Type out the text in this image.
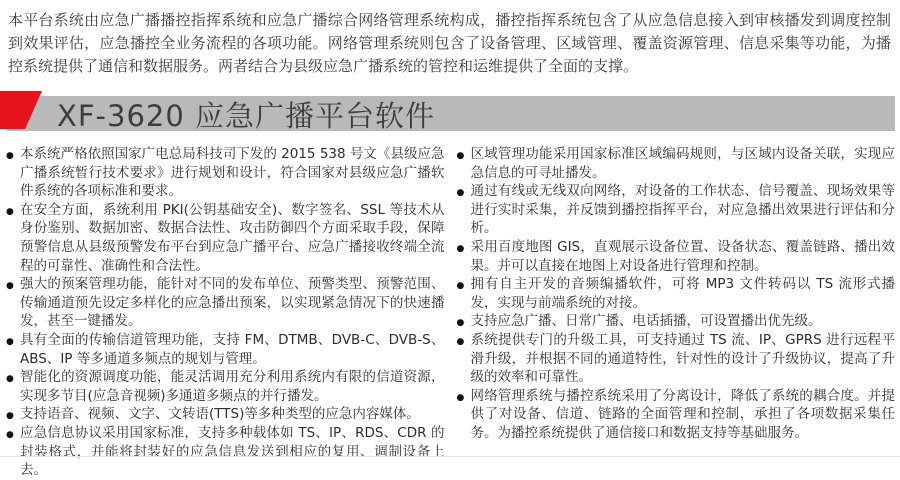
本平台系统由应急广播播控指挥系统和应急广播综合网络管理系统构成，播控指挥系统包含了从应急信息接入到审核播发到调度控制到效果评估，应急播控全业务流程的各项功能。网络管理系统则包含了设备管理、区域管理、覆盖资源管理、信息采集等功能，为播控系统提供了通信和数据服务。两者结合为县级应急广播系统的管控和运维提供了全面的支撑。

XF-3620 应急广播平台软件
● 本系统严格依照国家广电总局科技司下发的 2015 538 号文《县级应急广播系统暂行技术要求》进行规划和设计，符合国家对县级应急广播软件系统的各项标准和要求。
● 在安全方面，系统利用 PKI(公钥基础安全)、数字签名、SSL 等技术从身份鉴别、数据加密、数据合法性、攻击防御四个方面采取手段，保障预警信息从县级预警发布平台到应急广播平台、应急广播接收终端全流程的可靠性、准确性和合法性。
● 强大的预案管理功能，能针对不同的发布单位、预警类型、预警范围、传输通道预先设定多样化的应急播出预案，以实现紧急情况下的快速播发，甚至一键播发。
● 具有全面的传输信道管理功能，支持 FM、DTMB、DVB-C、DVB-S、ABS、IP 等多通道多频点的规划与管理。
● 智能化的资源调度功能，能灵活调用充分利用系统内有限的信道资源，实现多节目(应急音视频)多通道多频点的并行播发。
● 支持语音、视频、文字、文转语(TTS)等多种类型的应急内容媒体。
● 应急信息协议采用国家标准，支持多种载体如 TS、IP、RDS、CDR 的封装格式，并能将封装好的应急信息发送到相应的复用、调制设备上去。
● 区域管理功能采用国家标准区域编码规则，与区域内设备关联，实现应急信息的可寻址播发。
● 通过有线或无线双向网络，对设备的工作状态、信号覆盖、现场效果等进行实时采集，并反馈到播控指挥平台，对应急播出效果进行评估和分析。
● 采用百度地图 GIS，直观展示设备位置、设备状态、覆盖链路、播出效果。并可以直接在地图上对设备进行管理和控制。
● 拥有自主开发的音频编播软件，可将 MP3 文件转码以 TS 流形式播发，实现与前端系统的对接。
● 支持应急广播、日常广播、电话插播，可设置播出优先级。
● 系统提供专门的升级工具，可支持通过 TS 流、IP、GPRS 进行远程平滑升级，并根据不同的通道特性，针对性的设计了升级协议，提高了升级的效率和可靠性。
● 网络管理系统与播控系统采用了分离设计，降低了系统的耦合度。并提供了对设备、信道、链路的全面管理和控制，承担了各项数据采集任务。为播控系统提供了通信接口和数据支持等基础服务。
